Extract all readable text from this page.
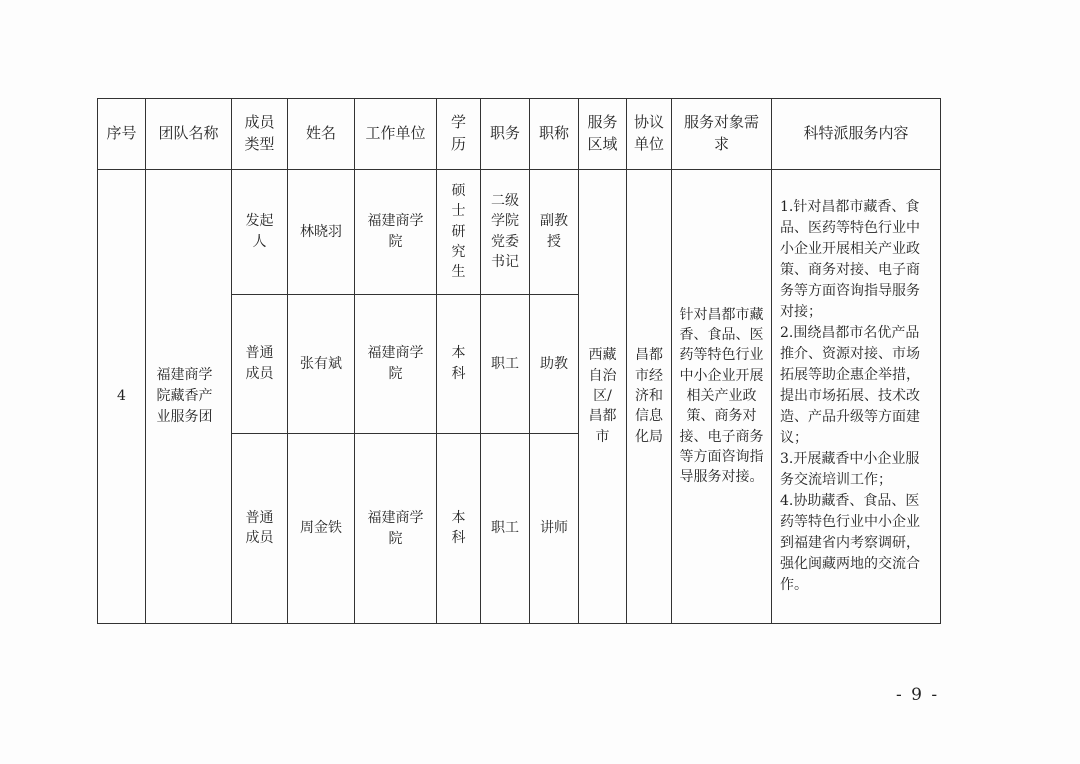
序号	团队名称	成员类型	姓名	工作单位	学历	职务	职称	服务区域	协议单位	服务对象需求	科特派服务内容
4	福建商学院藏香产业服务团	发起人	林晓羽	福建商学院	硕士研究生	二级学院党委书记	副教授	西藏自治区/昌都市	昌都市经济和信息化局	针对昌都市藏香、食品、医药等特色行业中小企业开展相关产业政策、商务对接、电子商务等方面咨询指导服务对接。	1.针对昌都市藏香、食品、医药等特色行业中小企业开展相关产业政策、商务对接、电子商务等方面咨询指导服务对接；

2.围绕昌都市名优产品推介、资源对接、市场拓展等助企惠企举措，提出市场拓展、技术改造、产品升级等方面建议；

3.开展藏香中小企业服务交流培训工作；

4.协助藏香、食品、医药等特色行业中小企业到福建省内考察调研，强化闽藏两地的交流合作。

		普通成员	张有斌	福建商学院	本科	职工	助教				
		普通成员	周金铁	福建商学院	本科	职工	讲师				
- 9 -
